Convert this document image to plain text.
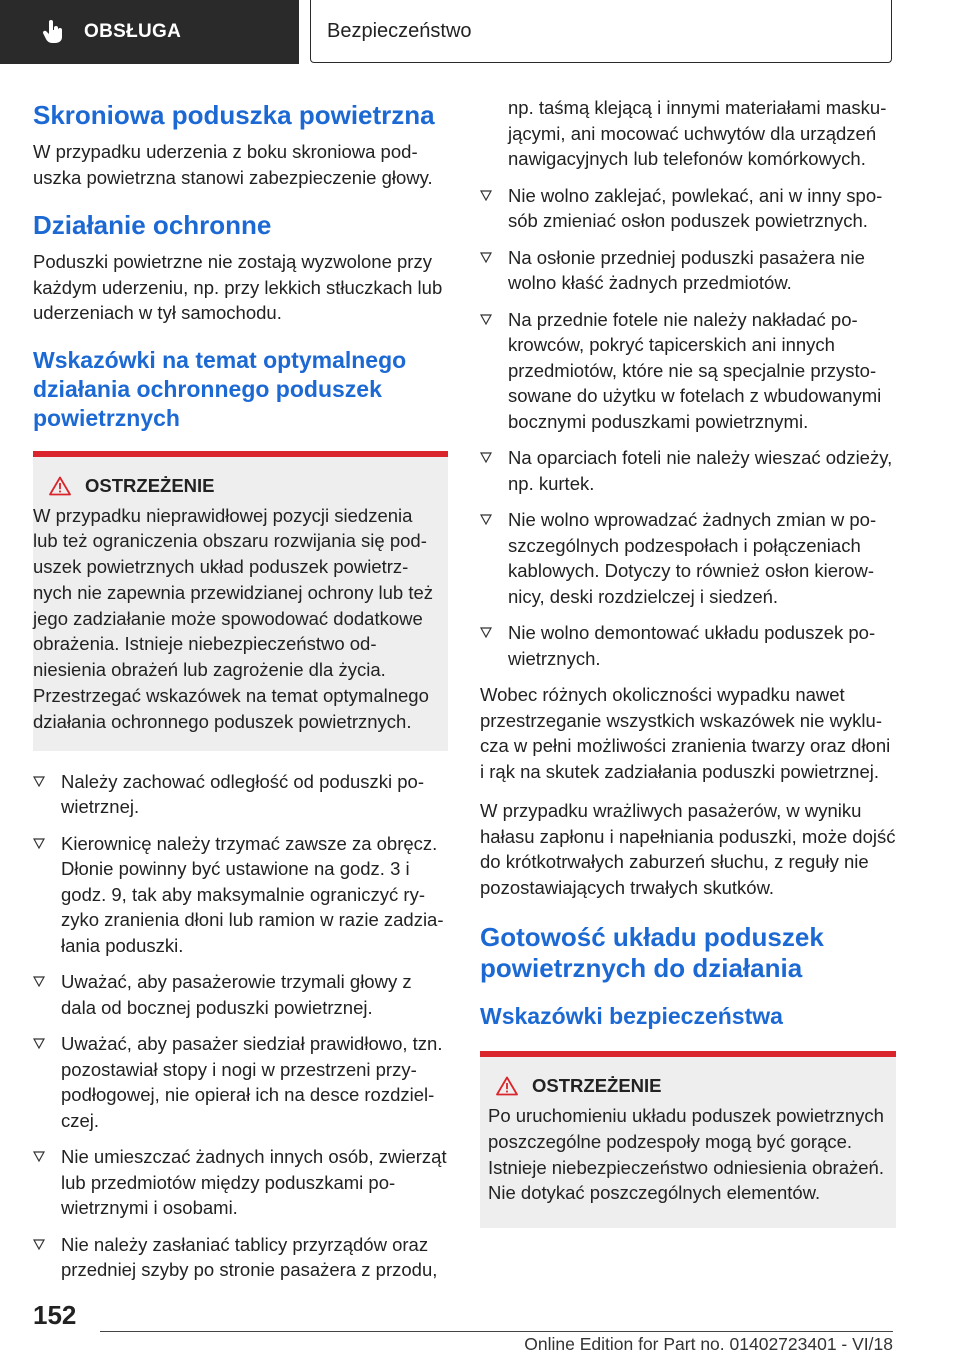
OBSŁUGA	Bezpieczeństwo
Skroniowa poduszka powietrzna

W przypadku uderzenia z boku skroniowa poduszka powietrzna stanowi zabezpieczenie głowy.

Działanie ochronne

Poduszki powietrzne nie zostają wyzwolone przy każdym uderzeniu, np. przy lekkich stłuczkach lub uderzeniach w tył samochodu.

Wskazówki na temat optymalnego działania ochronnego poduszek powietrznych
OSTRZEŻENIE

W przypadku nieprawidłowej pozycji siedzenia lub też ograniczenia obszaru rozwijania się poduszek powietrznych układ poduszek powietrznych nie zapewnia przewidzianej ochrony lub też jego zadziałanie może spowodować dodatkowe obrażenia. Istnieje niebezpieczeństwo odniesienia obrażeń lub zagrożenie dla życia. Przestrzegać wskazówek na temat optymalnego działania ochronnego poduszek powietrznych.

Należy zachować odległość od poduszki powietrznej.
Kierownicę należy trzymać zawsze za obręcz. Dłonie powinny być ustawione na godz. 3 i godz. 9, tak aby maksymalnie ograniczyć ryzyko zranienia dłoni lub ramion w razie zadziałania poduszki.
Uważać, aby pasażerowie trzymali głowy z dala od bocznej poduszki powietrznej.
Uważać, aby pasażer siedział prawidłowo, tzn. pozostawiał stopy i nogi w przestrzeni przypodłogowej, nie opierał ich na desce rozdzielczej.
Nie umieszczać żadnych innych osób, zwierząt lub przedmiotów między poduszkami powietrznymi i osobami.
Nie należy zasłaniać tablicy przyrządów oraz przedniej szyby po stronie pasażera z przodu,

np. taśmą klejącą i innymi materiałami maskującymi, ani mocować uchwytów dla urządzeń nawigacyjnych lub telefonów komórkowych.

Nie wolno zaklejać, powlekać, ani w inny sposób zmieniać osłon poduszek powietrznych.
Na osłonie przedniej poduszki pasażera nie wolno kłaść żadnych przedmiotów.
Na przednie fotele nie należy nakładać pokrowców, pokryć tapicerskich ani innych przedmiotów, które nie są specjalnie przystosowane do użytku w fotelach z wbudowanymi bocznymi poduszkami powietrznymi.
Na oparciach foteli nie należy wieszać odzieży, np. kurtek.
Nie wolno wprowadzać żadnych zmian w poszczególnych podzespołach i połączeniach kablowych. Dotyczy to również osłon kierownicy, deski rozdzielczej i siedzeń.
Nie wolno demontować układu poduszek powietrznych.

Wobec różnych okoliczności wypadku nawet przestrzeganie wszystkich wskazówek nie wyklucza w pełni możliwości zranienia twarzy oraz dłoni i rąk na skutek zadziałania poduszki powietrznej.

W przypadku wrażliwych pasażerów, w wyniku hałasu zapłonu i napełniania poduszki, może dojść do krótkotrwałych zaburzeń słuchu, z reguły nie pozostawiających trwałych skutków.

Gotowość układu poduszek powietrznych do działania
Wskazówki bezpieczeństwa
OSTRZEŻENIE

Po uruchomieniu układu poduszek powietrznych poszczególne podzespoły mogą być gorące. Istnieje niebezpieczeństwo odniesienia obrażeń. Nie dotykać poszczególnych elementów.

152
Online Edition for Part no. 01402723401 - VI/18
